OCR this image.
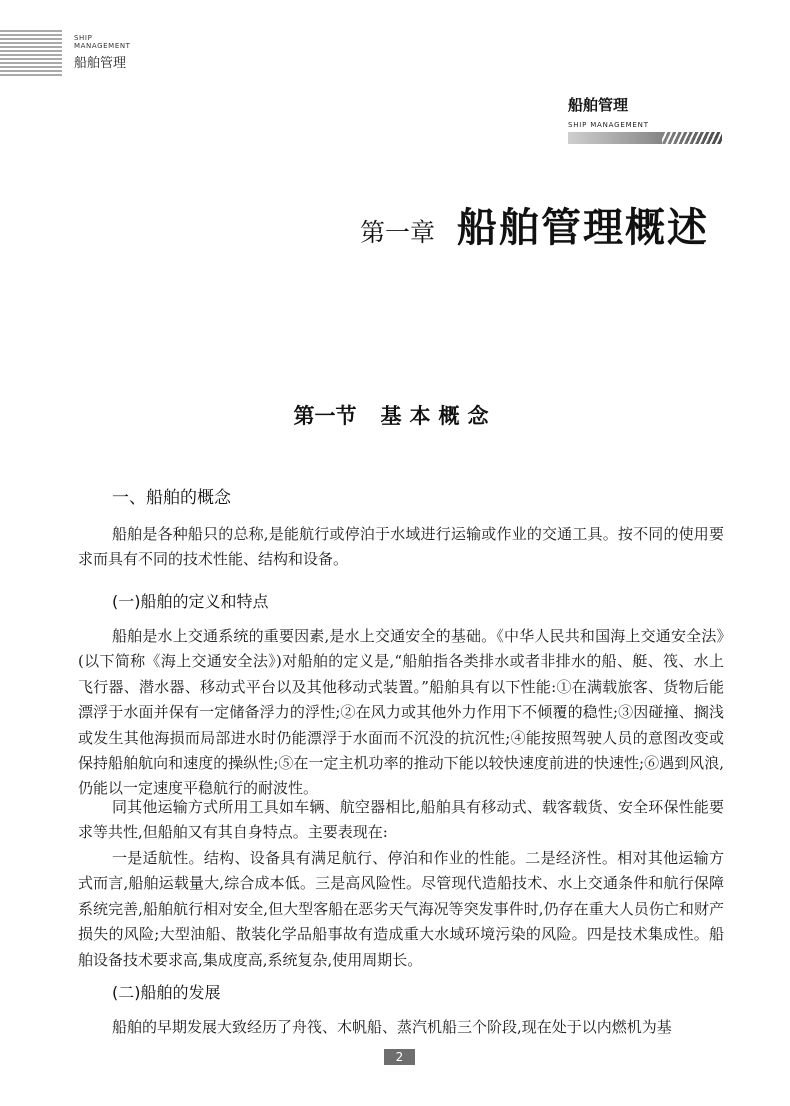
SHIP MANAGEMENT
船舶管理
船舶管理
SHIP MANAGEMENT
第一章 船舶管理概述
第一节 基本概念
一、船舶的概念

船舶是各种船只的总称,是能航行或停泊于水域进行运输或作业的交通工具。按不同的使用要求而具有不同的技术性能、结构和设备。

(一)船舶的定义和特点

船舶是水上交通系统的重要因素,是水上交通安全的基础。《中华人民共和国海上交通安全法》(以下简称《海上交通安全法》)对船舶的定义是,“船舶指各类排水或者非排水的船、艇、筏、水上飞行器、潜水器、移动式平台以及其他移动式装置。”船舶具有以下性能:①在满载旅客、货物后能漂浮于水面并保有一定储备浮力的浮性;②在风力或其他外力作用下不倾覆的稳性;③因碰撞、搁浅或发生其他海损而局部进水时仍能漂浮于水面而不沉没的抗沉性;④能按照驾驶人员的意图改变或保持船舶航向和速度的操纵性;⑤在一定主机功率的推动下能以较快速度前进的快速性;⑥遇到风浪,仍能以一定速度平稳航行的耐波性。

同其他运输方式所用工具如车辆、航空器相比,船舶具有移动式、载客载货、安全环保性能要求等共性,但船舶又有其自身特点。主要表现在:

一是适航性。结构、设备具有满足航行、停泊和作业的性能。二是经济性。相对其他运输方式而言,船舶运载量大,综合成本低。三是高风险性。尽管现代造船技术、水上交通条件和航行保障系统完善,船舶航行相对安全,但大型客船在恶劣天气海况等突发事件时,仍存在重大人员伤亡和财产损失的风险;大型油船、散装化学品船事故有造成重大水域环境污染的风险。四是技术集成性。船舶设备技术要求高,集成度高,系统复杂,使用周期长。

(二)船舶的发展

船舶的早期发展大致经历了舟筏、木帆船、蒸汽机船三个阶段,现在处于以内燃机为基

2
